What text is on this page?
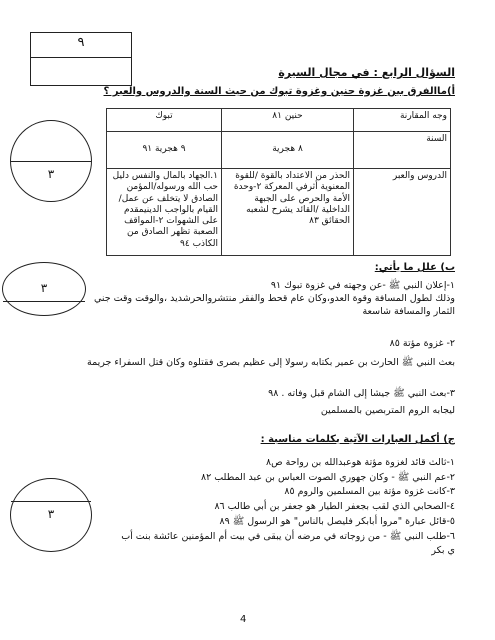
٩
السؤال الرابع : في مجال السيرة
أ)ماالفرق بين غزوة حنين وغزوة تبوك من حيث السنة والدروس والعبر ؟
٣
وجه المقارنة	حنين ٨١	تبوك
السنة	٨ هجرية	٩ هجرية ٩١
الدروس والعبر	الحذر من الاعتداد بالقوة /للقوة المعنوية أثرفي المعركة ٢-وحدة الأمة والحرص على الجبهة الداخلية /القائد يشرح لشعبه الحقائق ٨٣	١.الجهاد بالمال والنفس دليل حب الله ورسوله/المؤمن الصادق لا يتخلف عن عمل/القيام بالواجب الدينيمقدم على الشهوات ٢-المواقف الصعبة تظهر الصادق من الكاذب ٩٤
٣
ب) علل ما يأتي:
١-إعلان النبي ﷺ -عن وجهته في غزوة تبوك ٩١
وذلك لطول المسافة وقوة العدو،وكان عام قحط والفقر منتشروالحرشديد ،والوقت وقت جني
الثمار والمسافة شاسعة
٢- غزوة مؤتة ٨٥
بعث النبي ﷺ الحارث بن عمير بكتابه رسولا إلى عظيم بصرى فقتلوه وكان قتل السفراء جريمة
٣-بعث النبي ﷺ جيشا إلى الشام قبل وفاته . ٩٨
ليجابه الروم المتربصين بالمسلمين
ج) أكمل العبارات الآتية بكلمات مناسبة :
١-ثالث قائد لغزوة مؤتة هوعبدالله بن رواحة ص٨
٢-عم النبي ﷺ - وكان جهوري الصوت العباس بن عبد المطلب ٨٢
٣-كانت غزوة مؤتة بين المسلمين والروم ٨٥
٤-الصحابي الذي لقب بجعفر الطيار هو جعفر بن أبي طالب ٨٦
٥-قائل عبارة "مروا أبابكر فليصل بالناس" هو الرسول ﷺ ٨٩
٦-طلب النبي ﷺ - من زوجاته في مرضه أن يبقى في بيت أم المؤمنين عائشة بنت أب
ي بكر
٣
4
